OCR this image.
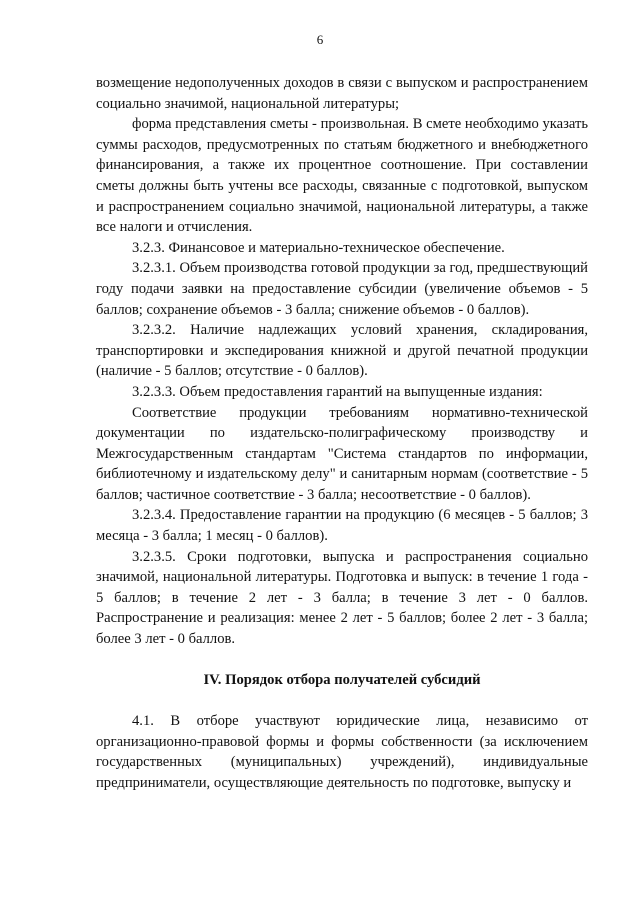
6

возмещение недополученных доходов в связи с выпуском и распространением социально значимой, национальной литературы;

форма представления сметы - произвольная. В смете необходимо указать суммы расходов, предусмотренных по статьям бюджетного и внебюджетного финансирования, а также их процентное соотношение. При составлении сметы должны быть учтены все расходы, связанные с подготовкой, выпуском и распространением социально значимой, национальной литературы, а также все налоги и отчисления.

3.2.3. Финансовое и материально-техническое обеспечение.

3.2.3.1. Объем производства готовой продукции за год, предшествующий году подачи заявки на предоставление субсидии (увеличение объемов - 5 баллов; сохранение объемов - 3 балла; снижение объемов - 0 баллов).

3.2.3.2. Наличие надлежащих условий хранения, складирования, транспортировки и экспедирования книжной и другой печатной продукции (наличие - 5 баллов; отсутствие - 0 баллов).

3.2.3.3. Объем предоставления гарантий на выпущенные издания:

Соответствие продукции требованиям нормативно-технической документации по издательско-полиграфическому производству и Межгосударственным стандартам "Система стандартов по информации, библиотечному и издательскому делу" и санитарным нормам (соответствие - 5 баллов; частичное соответствие - 3 балла; несоответствие - 0 баллов).

3.2.3.4. Предоставление гарантии на продукцию (6 месяцев - 5 баллов; 3 месяца - 3 балла; 1 месяц - 0 баллов).

3.2.3.5. Сроки подготовки, выпуска и распространения социально значимой, национальной литературы. Подготовка и выпуск: в течение 1 года - 5 баллов; в течение 2 лет - 3 балла; в течение 3 лет - 0 баллов. Распространение и реализация: менее 2 лет - 5 баллов; более 2 лет - 3 балла; более 3 лет - 0 баллов.

IV. Порядок отбора получателей субсидий

4.1. В отборе участвуют юридические лица, независимо от организационно-правовой формы и формы собственности (за исключением государственных (муниципальных) учреждений), индивидуальные предприниматели, осуществляющие деятельность по подготовке, выпуску и
